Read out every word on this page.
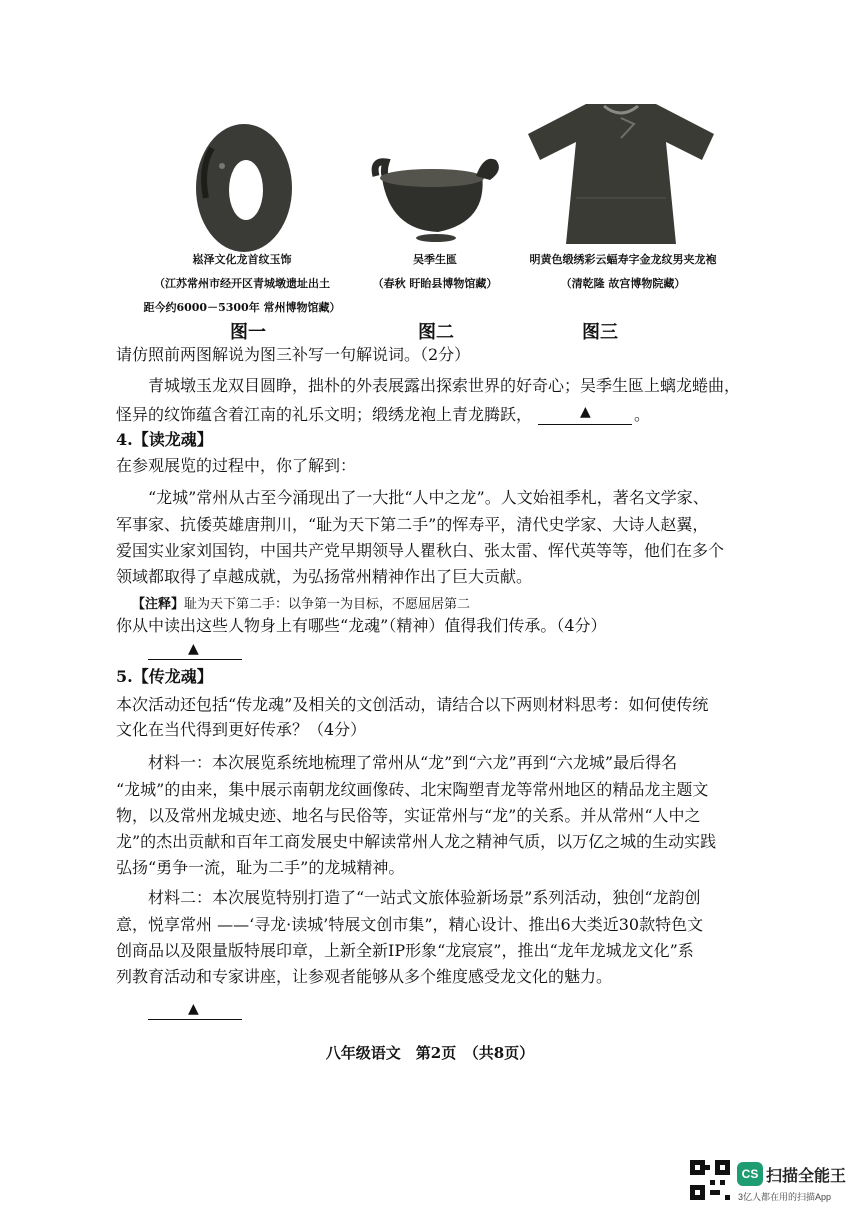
崧泽文化龙首纹玉饰
（江苏常州市经开区青城墩遗址出土
距今约6000－5300年 常州博物馆藏）
吴季生匜
（春秋 盱眙县博物馆藏）
明黄色缎绣彩云蝠寿字金龙纹男夹龙袍
（清乾隆 故宫博物院藏）
图一	图二	图三
请仿照前两图解说为图三补写一句解说词。（2分）
青城墩玉龙双目圆睁，拙朴的外表展露出探索世界的好奇心；吴季生匜上螭龙蜷曲，
怪异的纹饰蕴含着江南的礼乐文明；缎绣龙袍上青龙腾跃，	▲	。
4.【读龙魂】
在参观展览的过程中，你了解到：
“龙城”常州从古至今涌现出了一大批“人中之龙”。人文始祖季札，著名文学家、
军事家、抗倭英雄唐荆川，“耻为天下第二手”的恽寿平，清代史学家、大诗人赵翼，
爱国实业家刘国钧，中国共产党早期领导人瞿秋白、张太雷、恽代英等等，他们在多个
领域都取得了卓越成就，为弘扬常州精神作出了巨大贡献。
【注释】耻为天下第二手：以争第一为目标，不愿屈居第二
你从中读出这些人物身上有哪些“龙魂”（精神）值得我们传承。（4分）
▲
5.【传龙魂】
本次活动还包括“传龙魂”及相关的文创活动，请结合以下两则材料思考：如何使传统
文化在当代得到更好传承？（4分）
材料一：本次展览系统地梳理了常州从“龙”到“六龙”再到“六龙城”最后得名
“龙城”的由来，集中展示南朝龙纹画像砖、北宋陶塑青龙等常州地区的精品龙主题文
物，以及常州龙城史迹、地名与民俗等，实证常州与“龙”的关系。并从常州“人中之
龙”的杰出贡献和百年工商发展史中解读常州人龙之精神气质，以万亿之城的生动实践
弘扬“勇争一流，耻为二手”的龙城精神。
材料二：本次展览特别打造了“一站式文旅体验新场景”系列活动，独创“龙韵创
意，悦享常州 ——‘寻龙·读城’特展文创市集”，精心设计、推出6大类近30款特色文
创商品以及限量版特展印章，上新全新IP形象“龙宸宸”，推出“龙年龙城龙文化”系
列教育活动和专家讲座，让参观者能够从多个维度感受龙文化的魅力。
▲
八年级语文　第2页　（共8页）
CS 扫描全能王
3亿人都在用的扫描App
